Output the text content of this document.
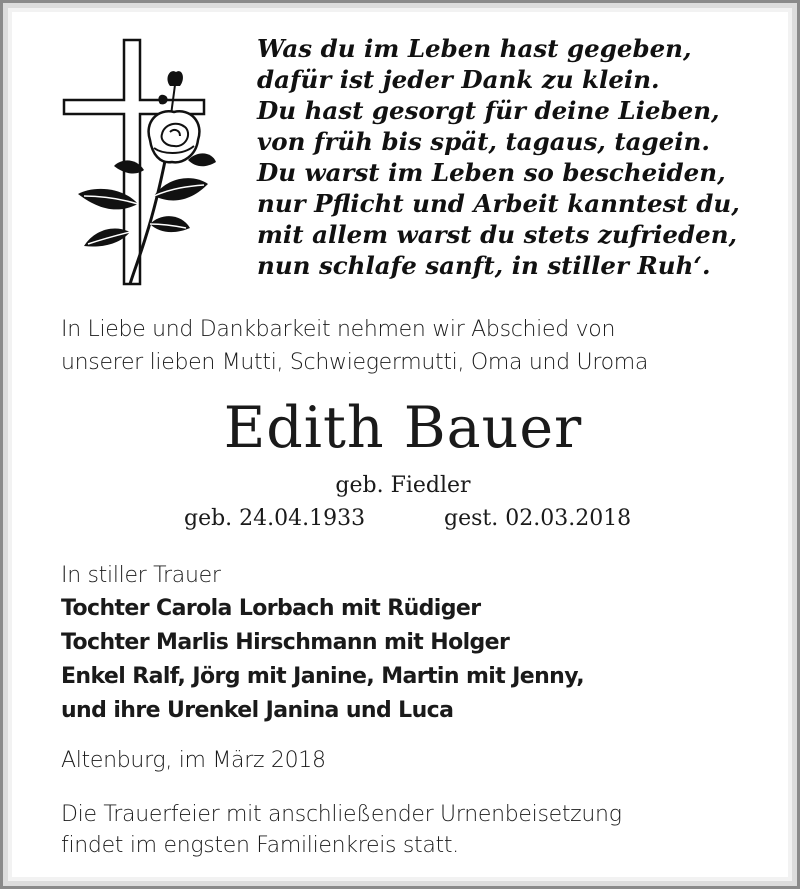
Was du im Leben hast gegeben,
dafür ist jeder Dank zu klein.
Du hast gesorgt für deine Lieben,
von früh bis spät, tagaus, tagein.
Du warst im Leben so bescheiden,
nur Pflicht und Arbeit kanntest du,
mit allem warst du stets zufrieden,
nun schlafe sanft, in stiller Ruh‘.
In Liebe und Dankbarkeit nehmen wir Abschied von
unserer lieben Mutti, Schwiegermutti, Oma und Uroma
Edith Bauer
geb. Fiedler
geb. 24.04.1933	gest. 02.03.2018
In stiller Trauer
Tochter Carola Lorbach mit Rüdiger
Tochter Marlis Hirschmann mit Holger
Enkel Ralf, Jörg mit Janine, Martin mit Jenny,
und ihre Urenkel Janina und Luca
Altenburg, im März 2018
Die Trauerfeier mit anschließender Urnenbeisetzung
findet im engsten Familienkreis statt.
